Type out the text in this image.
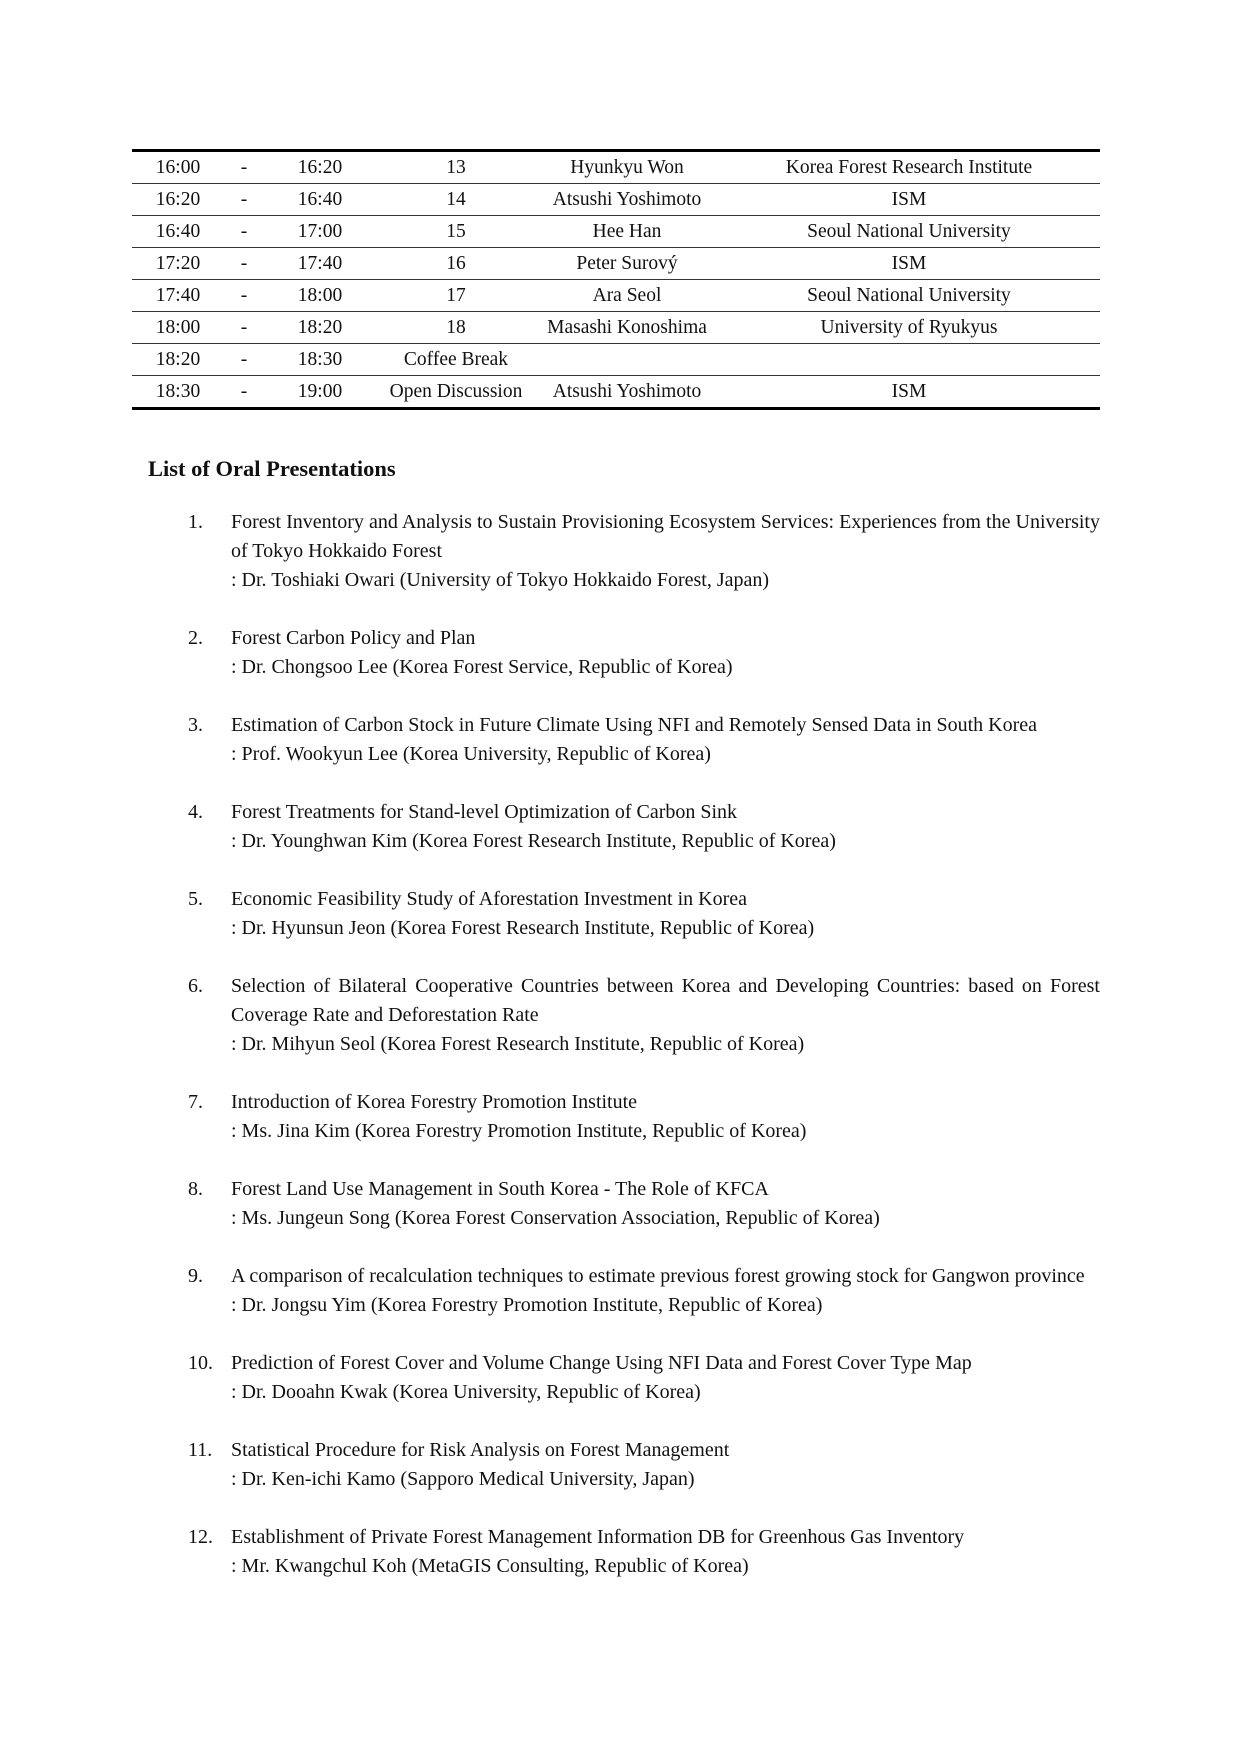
16:00	-	16:20	13	Hyunkyu Won	Korea Forest Research Institute
16:20	-	16:40	14	Atsushi Yoshimoto	ISM
16:40	-	17:00	15	Hee Han	Seoul National University
17:20	-	17:40	16	Peter Surový	ISM
17:40	-	18:00	17	Ara Seol	Seoul National University
18:00	-	18:20	18	Masashi Konoshima	University of Ryukyus
18:20	-	18:30	Coffee Break		
18:30	-	19:00	Open Discussion	Atsushi Yoshimoto	ISM
List of Oral Presentations
1. Forest Inventory and Analysis to Sustain Provisioning Ecosystem Services: Experiences from the University of Tokyo Hokkaido Forest
: Dr. Toshiaki Owari (University of Tokyo Hokkaido Forest, Japan)
2. Forest Carbon Policy and Plan
: Dr. Chongsoo Lee (Korea Forest Service, Republic of Korea)
3. Estimation of Carbon Stock in Future Climate Using NFI and Remotely Sensed Data in South Korea
: Prof. Wookyun Lee (Korea University, Republic of Korea)
4. Forest Treatments for Stand-level Optimization of Carbon Sink
: Dr. Younghwan Kim (Korea Forest Research Institute, Republic of Korea)
5. Economic Feasibility Study of Aforestation Investment in Korea
: Dr. Hyunsun Jeon (Korea Forest Research Institute, Republic of Korea)
6. Selection of Bilateral Cooperative Countries between Korea and Developing Countries: based on Forest Coverage Rate and Deforestation Rate
: Dr. Mihyun Seol (Korea Forest Research Institute, Republic of Korea)
7. Introduction of Korea Forestry Promotion Institute
: Ms. Jina Kim (Korea Forestry Promotion Institute, Republic of Korea)
8. Forest Land Use Management in South Korea - The Role of KFCA
: Ms. Jungeun Song (Korea Forest Conservation Association, Republic of Korea)
9. A comparison of recalculation techniques to estimate previous forest growing stock for Gangwon province
: Dr. Jongsu Yim (Korea Forestry Promotion Institute, Republic of Korea)
10. Prediction of Forest Cover and Volume Change Using NFI Data and Forest Cover Type Map
: Dr. Dooahn Kwak (Korea University, Republic of Korea)
11. Statistical Procedure for Risk Analysis on Forest Management
: Dr. Ken-ichi Kamo (Sapporo Medical University, Japan)
12. Establishment of Private Forest Management Information DB for Greenhous Gas Inventory
: Mr. Kwangchul Koh (MetaGIS Consulting, Republic of Korea)
